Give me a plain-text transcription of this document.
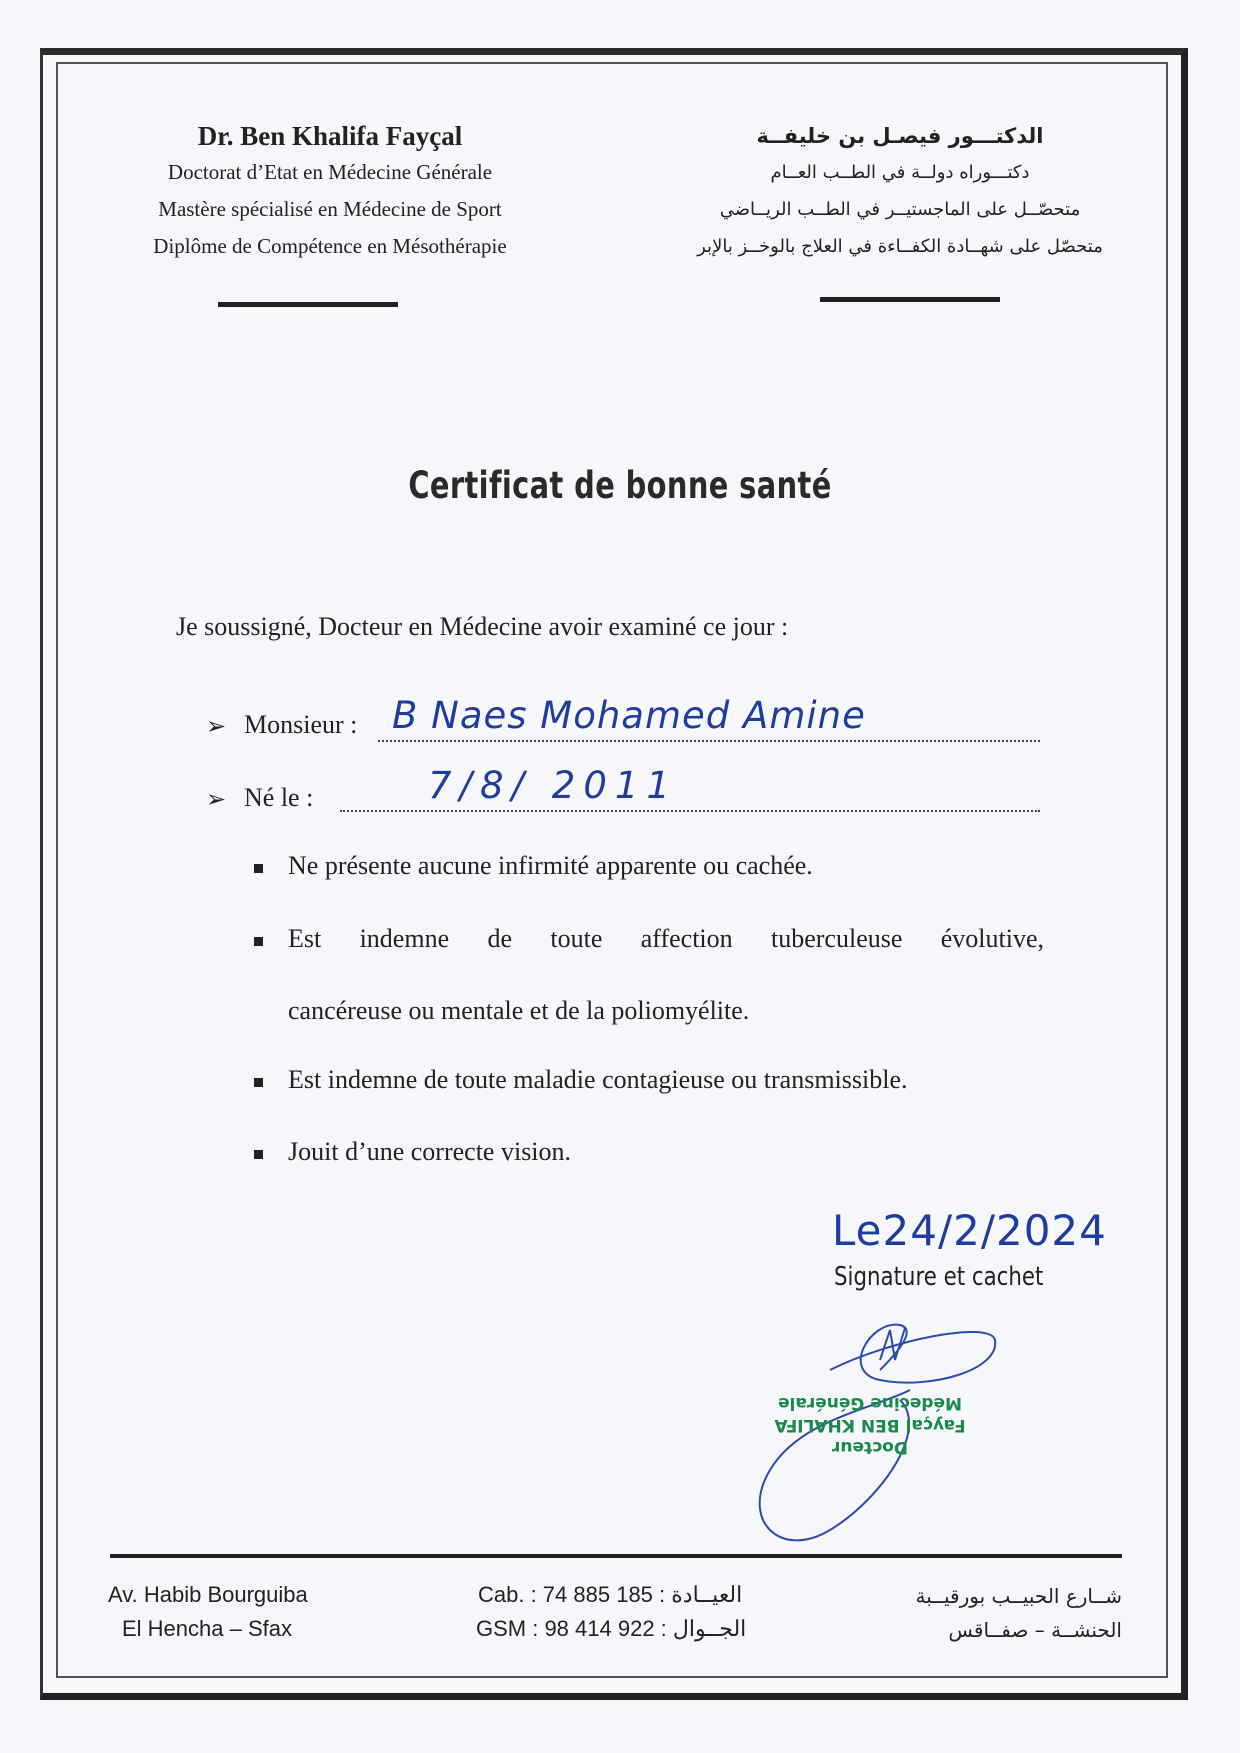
Dr. Ben Khalifa Fayçal
Doctorat d’Etat en Médecine Générale
Mastère spécialisé en Médecine de Sport
Diplôme de Compétence en Mésothérapie
الدكتـــور فيصـل بن خليفــة
دكتـــوراه دولــة في الطــب العــام
متحصّــل على الماجستيــر في الطــب الريــاضي
متحصّل على شهــادة الكفــاءة في العلاج بالوخــز بالإبر
Certificat de bonne santé
Je soussigné, Docteur en Médecine avoir examiné ce jour :
➢ Monsieur : B Naes Mohamed Amine
➢ Né le :	7/8/ 2011
Ne présente aucune infirmité apparente ou cachée.
Est indemne de toute affection tuberculeuse évolutive,
cancéreuse ou mentale et de la poliomyélite.
Est indemne de toute maladie contagieuse ou transmissible.
Jouit d’une correcte vision.
Le24/2/2024
Signature et cachet
Docteur
Fayçal BEN KHALIFA
Médecine Générale
Av. Habib Bourguiba
El Hencha – Sfax
Cab. : 74 885 185 : العيــادة
GSM : 98 414 922 : الجــوال
شــارع الحبيــب بورقيــبة
الحنشــة – صفــاقس
